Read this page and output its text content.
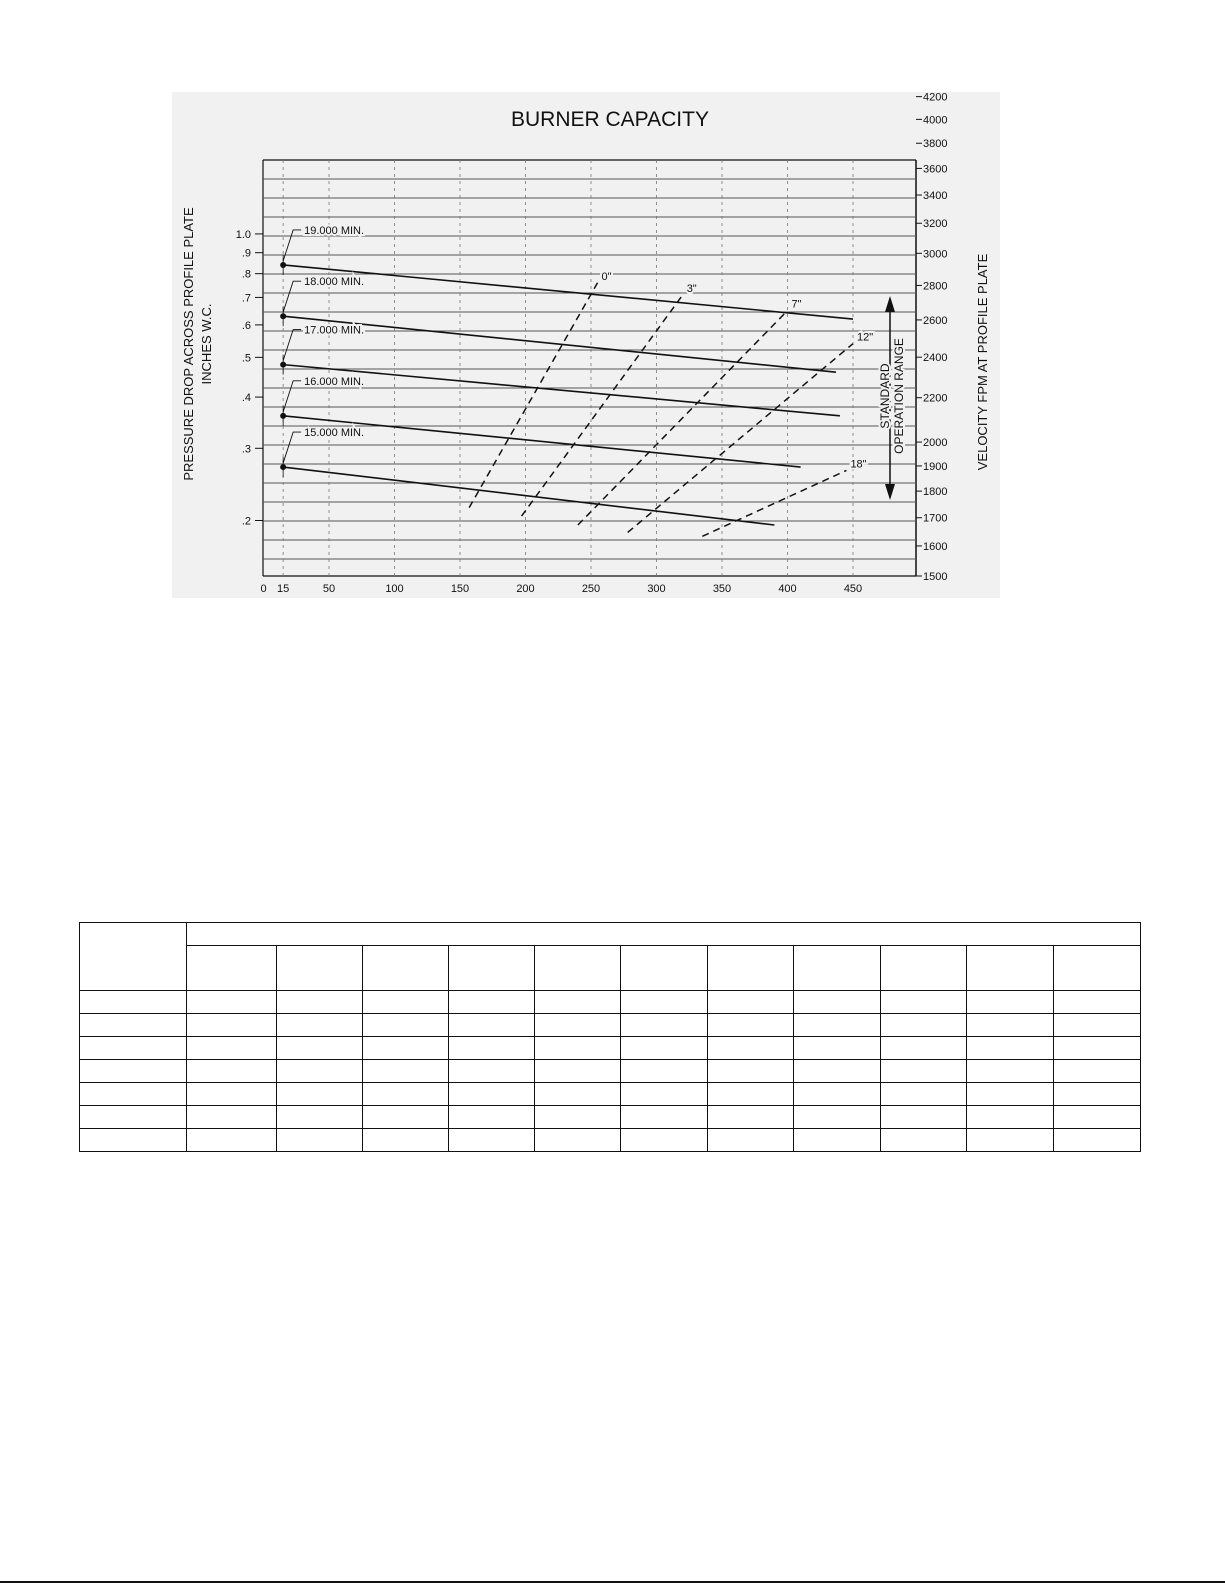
BURNER CAPACITY
19.000 MIN.
18.000 MIN.
17.000 MIN.
16.000 MIN.
15.000 MIN.
0"
3"
7"
12"
18"
0 15	50	100	150	200	250	300	350	400	450
1.0
.9
.8
.7
.6
.5
.4
.3
.2
4200
4000
3800
3600
3400
3200
3000
2800
2600
2400
2200
2000
1900
1800
1700
1600
1500
PRESSURE DROP ACROSS PROFILE PLATE INCHES W.C.	VELOCITY FPM AT PROFILE PLATE
STANDARD OPERATION RANGE
